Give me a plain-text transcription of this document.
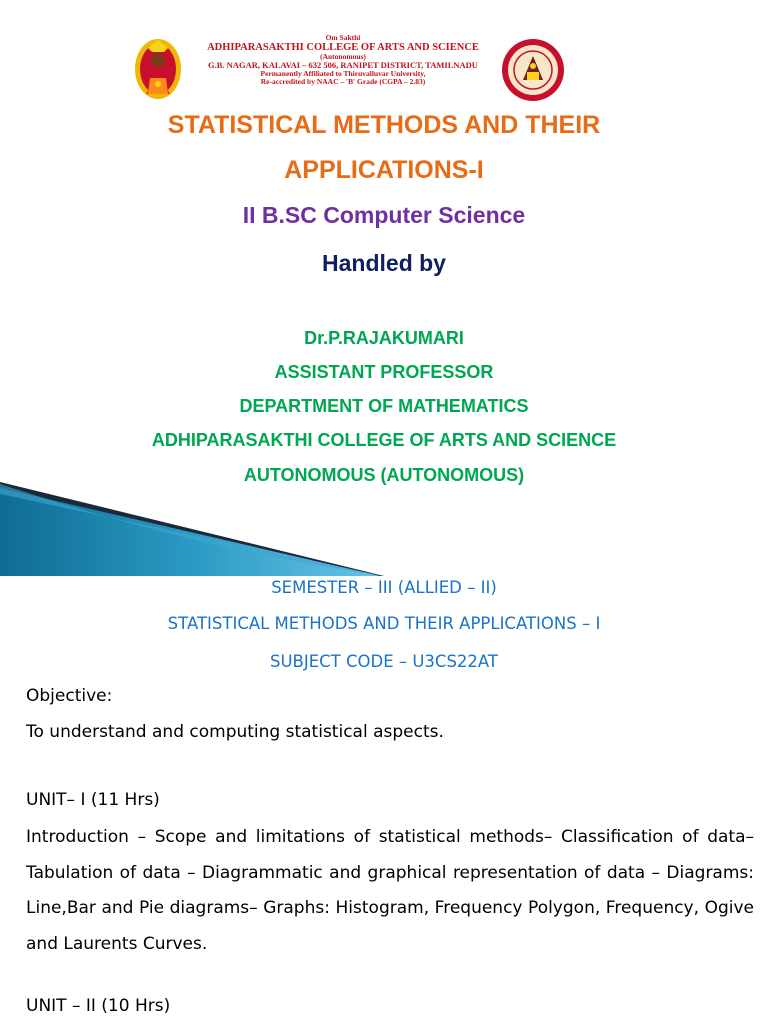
Om Sakthi
ADHIPARASAKTHI COLLEGE OF ARTS AND SCIENCE
(Autonomous)
G.B. NAGAR, KALAVAI – 632 506, RANIPET DISTRICT, TAMILNADU
Permanently Affiliated to Thiruvalluvar University,
Re-accredited by NAAC – 'B' Grade (CGPA – 2.83)
STATISTICAL METHODS AND THEIR
APPLICATIONS-I
II B.SC Computer Science
Handled by
Dr.P.RAJAKUMARI
ASSISTANT PROFESSOR
DEPARTMENT OF MATHEMATICS
ADHIPARASAKTHI COLLEGE OF ARTS AND SCIENCE
AUTONOMOUS (AUTONOMOUS)
SEMESTER – III (ALLIED – II)
STATISTICAL METHODS AND THEIR APPLICATIONS – I
SUBJECT CODE – U3CS22AT
Objective:
To understand and computing statistical aspects.
UNIT– I (11 Hrs)
Introduction – Scope and limitations of statistical methods– Classification of data–Tabulation of data – Diagrammatic and graphical representation of data – Diagrams: Line,Bar and Pie diagrams– Graphs: Histogram, Frequency Polygon, Frequency, Ogive and Laurents Curves.
UNIT – II (10 Hrs)
